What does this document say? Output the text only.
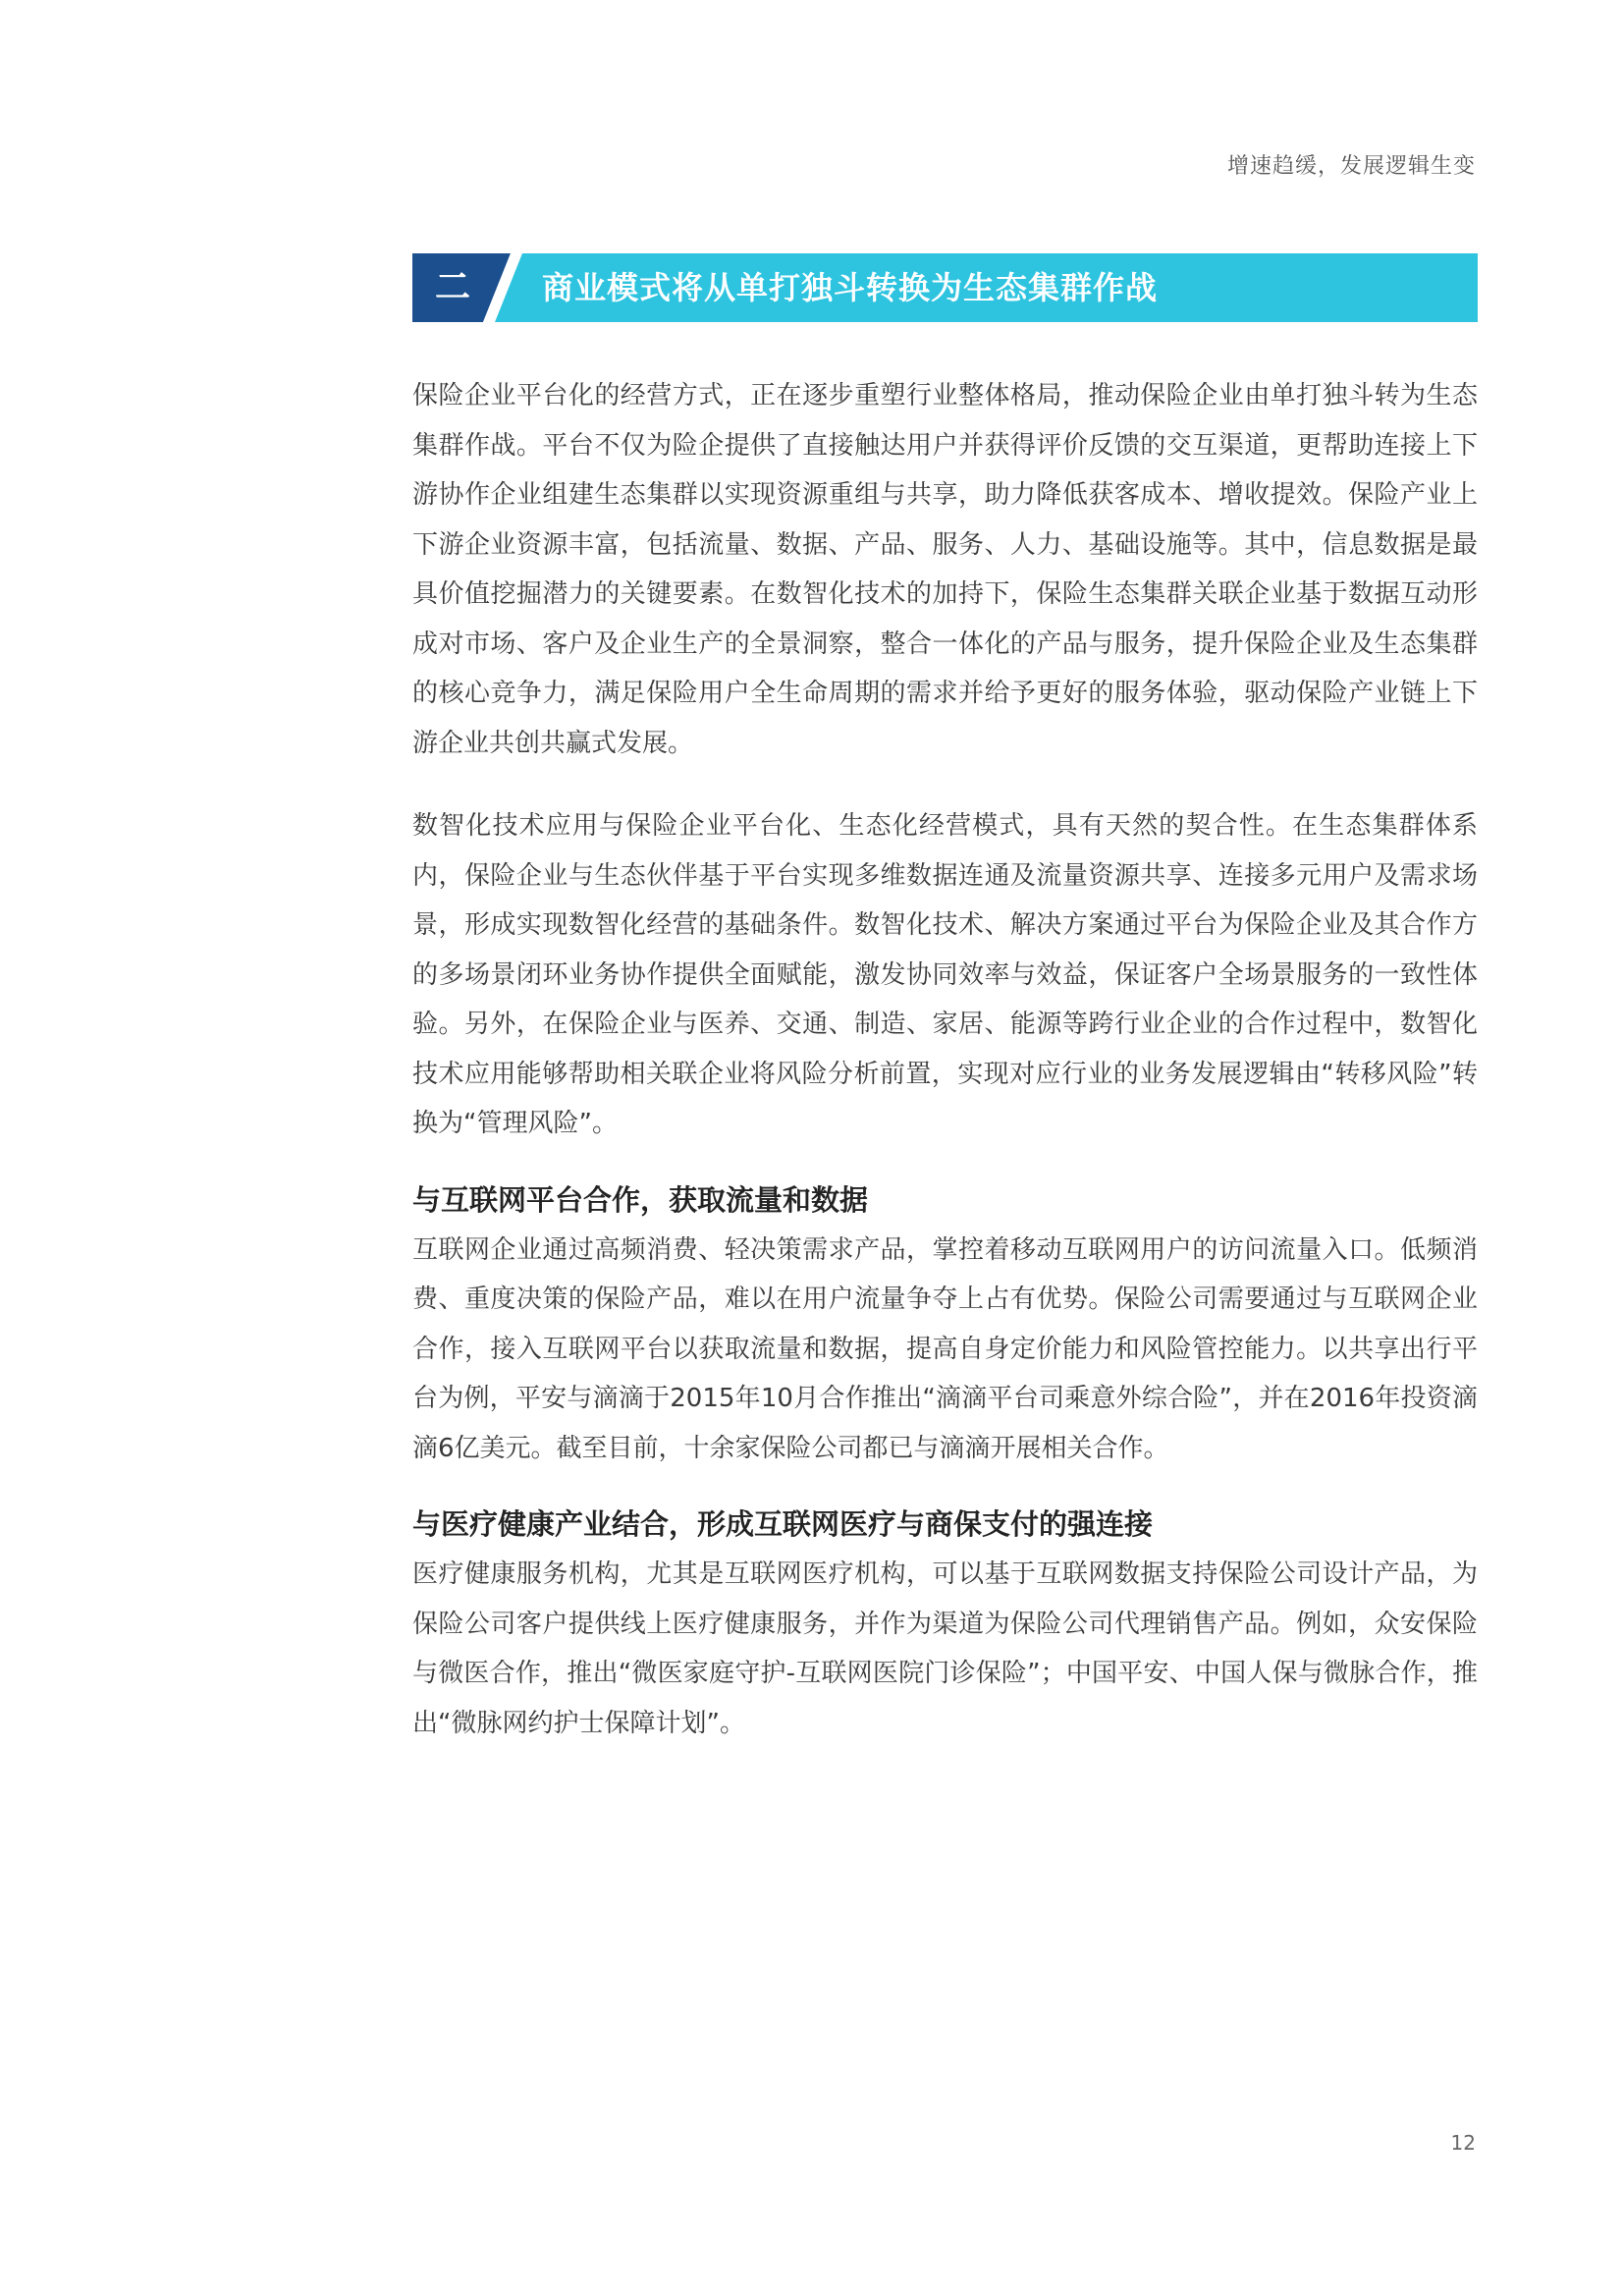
增速趋缓，发展逻辑生变
二	商业模式将从单打独斗转换为生态集群作战

保险企业平台化的经营方式，正在逐步重塑行业整体格局，推动保险企业由单打独斗转为生态集群作战。平台不仅为险企提供了直接触达用户并获得评价反馈的交互渠道，更帮助连接上下游协作企业组建生态集群以实现资源重组与共享，助力降低获客成本、增收提效。保险产业上下游企业资源丰富，包括流量、数据、产品、服务、人力、基础设施等。其中，信息数据是最具价值挖掘潜力的关键要素。在数智化技术的加持下，保险生态集群关联企业基于数据互动形成对市场、客户及企业生产的全景洞察，整合一体化的产品与服务，提升保险企业及生态集群的核心竞争力，满足保险用户全生命周期的需求并给予更好的服务体验，驱动保险产业链上下游企业共创共赢式发展。

数智化技术应用与保险企业平台化、生态化经营模式，具有天然的契合性。在生态集群体系内，保险企业与生态伙伴基于平台实现多维数据连通及流量资源共享、连接多元用户及需求场景，形成实现数智化经营的基础条件。数智化技术、解决方案通过平台为保险企业及其合作方的多场景闭环业务协作提供全面赋能，激发协同效率与效益，保证客户全场景服务的一致性体验。另外，在保险企业与医养、交通、制造、家居、能源等跨行业企业的合作过程中，数智化技术应用能够帮助相关联企业将风险分析前置，实现对应行业的业务发展逻辑由“转移风险”转换为“管理风险”。

与互联网平台合作，获取流量和数据

互联网企业通过高频消费、轻决策需求产品，掌控着移动互联网用户的访问流量入口。低频消费、重度决策的保险产品，难以在用户流量争夺上占有优势。保险公司需要通过与互联网企业合作，接入互联网平台以获取流量和数据，提高自身定价能力和风险管控能力。以共享出行平台为例，平安与滴滴于2015年10月合作推出“滴滴平台司乘意外综合险”，并在2016年投资滴滴6亿美元。截至目前，十余家保险公司都已与滴滴开展相关合作。

与医疗健康产业结合，形成互联网医疗与商保支付的强连接

医疗健康服务机构，尤其是互联网医疗机构，可以基于互联网数据支持保险公司设计产品，为保险公司客户提供线上医疗健康服务，并作为渠道为保险公司代理销售产品。例如，众安保险与微医合作，推出“微医家庭守护-互联网医院门诊保险”；中国平安、中国人保与微脉合作，推出“微脉网约护士保障计划”。

12
